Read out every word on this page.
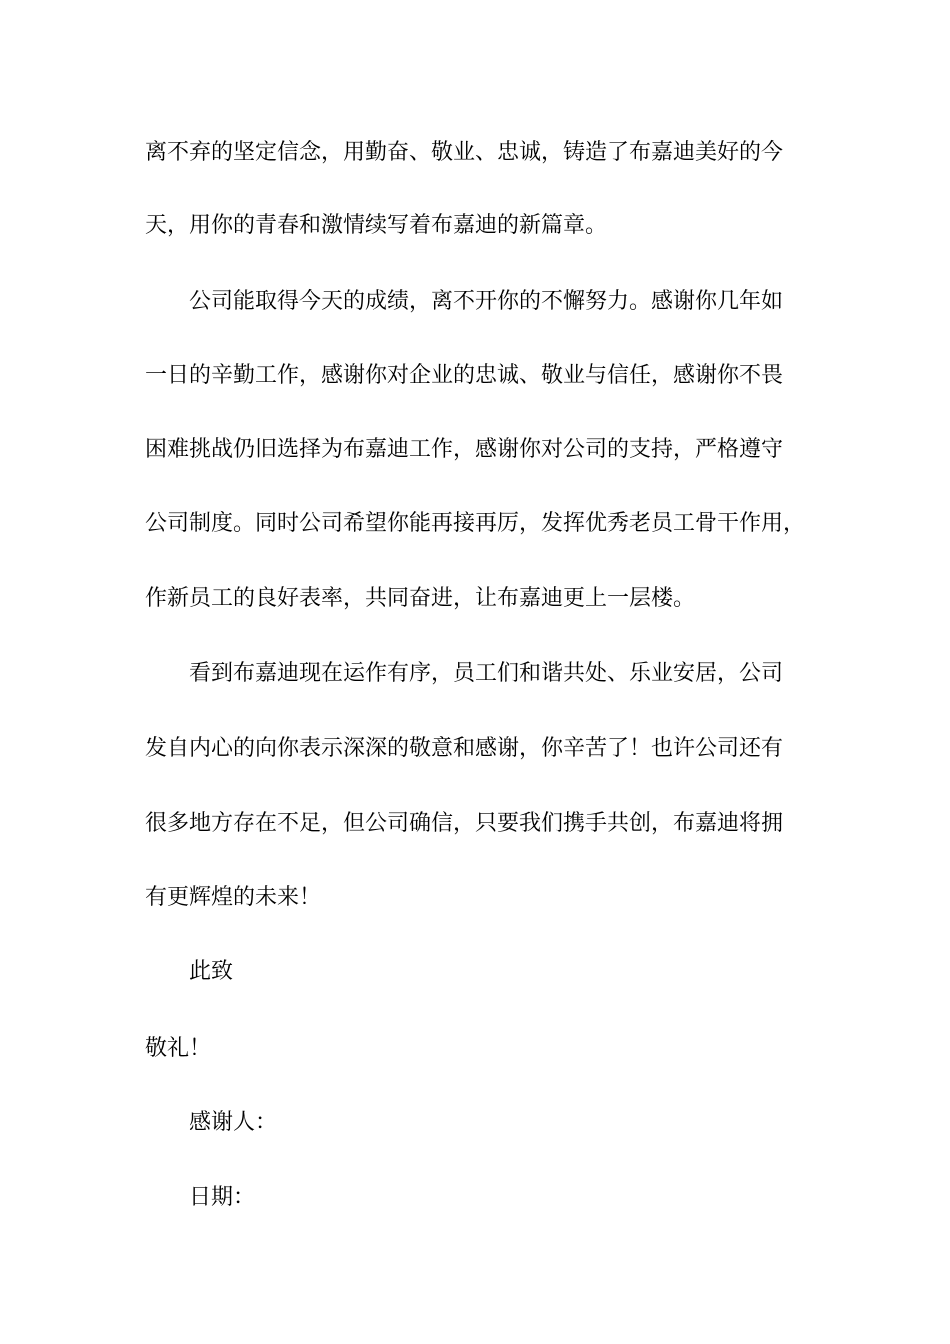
离不弃的坚定信念，用勤奋、敬业、忠诚，铸造了布嘉迪美好的今
天，用你的青春和激情续写着布嘉迪的新篇章。
公司能取得今天的成绩，离不开你的不懈努力。感谢你几年如
一日的辛勤工作，感谢你对企业的忠诚、敬业与信任，感谢你不畏
困难挑战仍旧选择为布嘉迪工作，感谢你对公司的支持，严格遵守
公司制度。同时公司希望你能再接再厉，发挥优秀老员工骨干作用，
作新员工的良好表率，共同奋进，让布嘉迪更上一层楼。
看到布嘉迪现在运作有序，员工们和谐共处、乐业安居，公司
发自内心的向你表示深深的敬意和感谢，你辛苦了！也许公司还有
很多地方存在不足，但公司确信，只要我们携手共创，布嘉迪将拥
有更辉煌的未来！
此致
敬礼！
感谢人：
日期：
